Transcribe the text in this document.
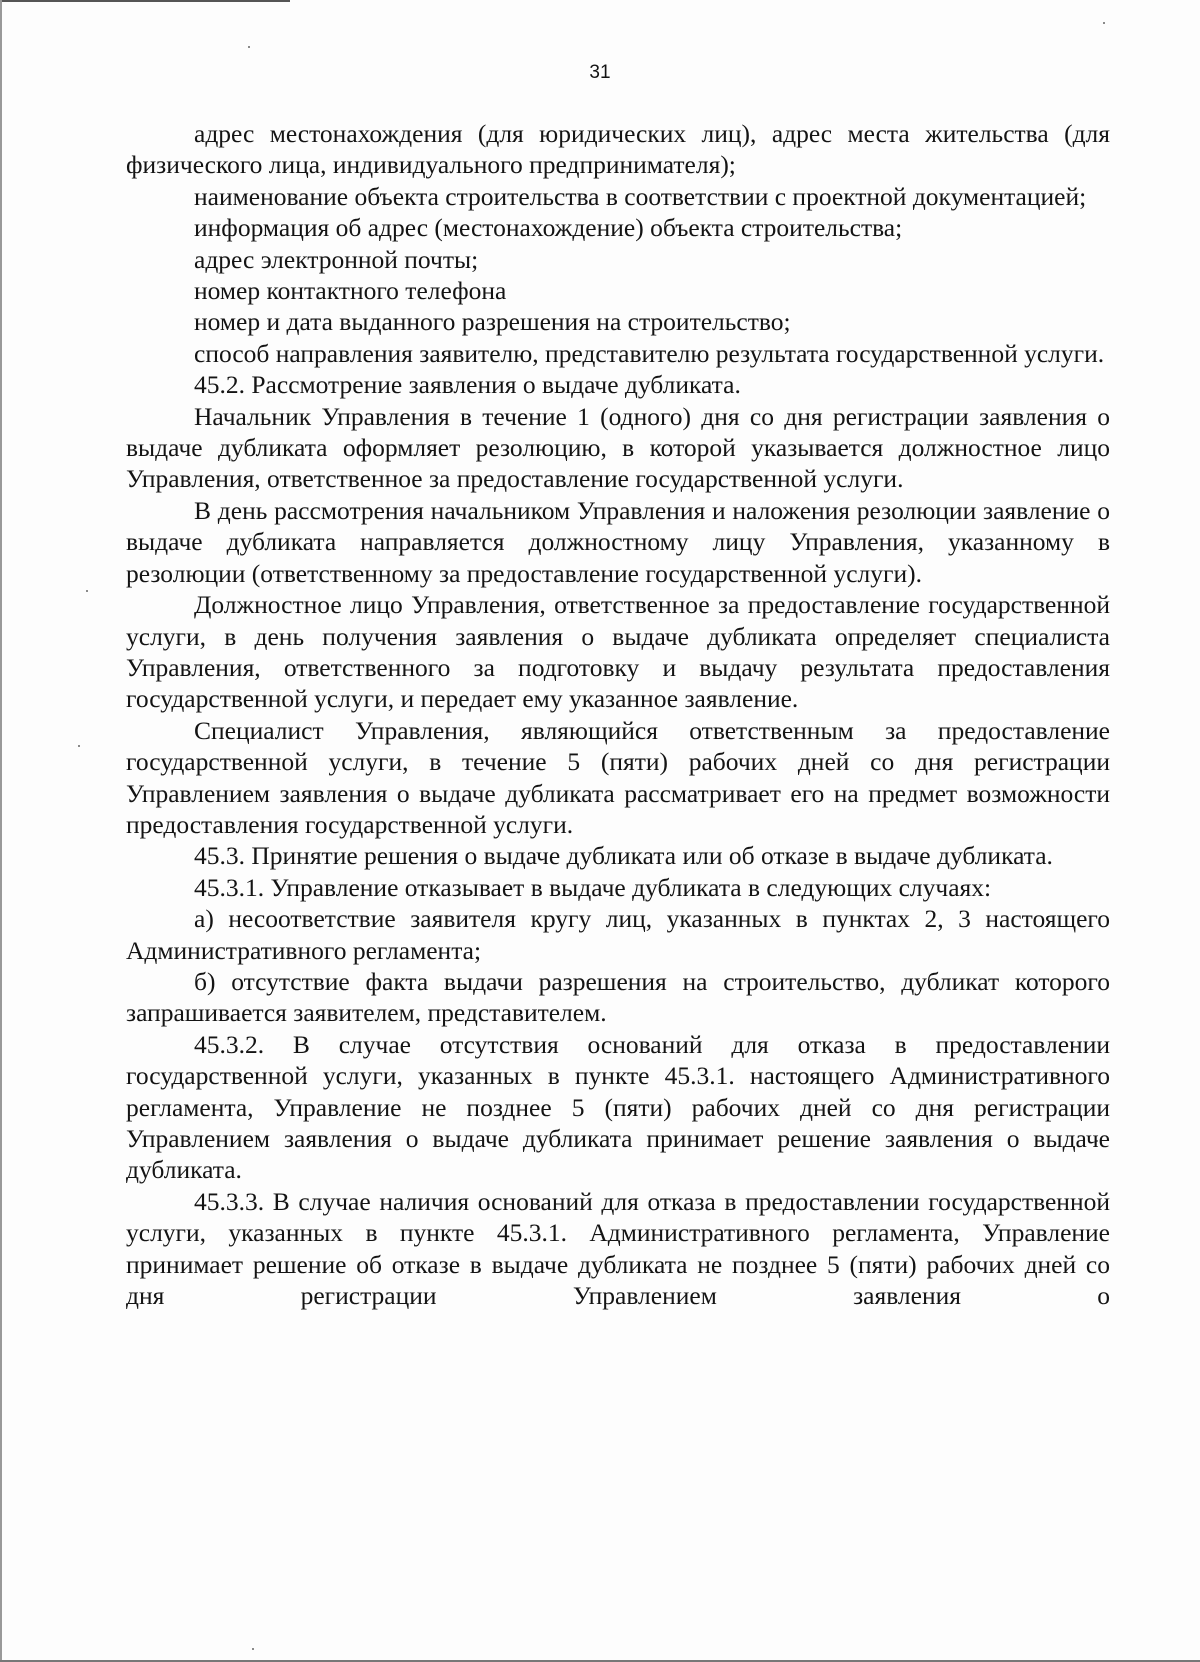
31

адрес местонахождения (для юридических лиц), адрес места жительства (для физического лица, индивидуального предпринимателя);

наименование объекта строительства в соответствии с проектной документацией;

информация об адрес (местонахождение) объекта строительства;

адрес электронной почты;

номер контактного телефона

номер и дата выданного разрешения на строительство;

способ направления заявителю, представителю результата государственной услуги.

45.2. Рассмотрение заявления о выдаче дубликата.

Начальник Управления в течение 1 (одного) дня со дня регистрации заявления о выдаче дубликата оформляет резолюцию, в которой указывается должностное лицо Управления, ответственное за предоставление государственной услуги.

В день рассмотрения начальником Управления и наложения резолюции заявление о выдаче дубликата направляется должностному лицу Управления, указанному в резолюции (ответственному за предоставление государственной услуги).

Должностное лицо Управления, ответственное за предоставление государственной услуги, в день получения заявления о выдаче дубликата определяет специалиста Управления, ответственного за подготовку и выдачу результата предоставления государственной услуги, и передает ему указанное заявление.

Специалист Управления, являющийся ответственным за предоставление государственной услуги, в течение 5 (пяти) рабочих дней со дня регистрации Управлением заявления о выдаче дубликата рассматривает его на предмет возможности предоставления государственной услуги.

45.3. Принятие решения о выдаче дубликата или об отказе в выдаче дубликата.

45.3.1. Управление отказывает в выдаче дубликата в следующих случаях:

а) несоответствие заявителя кругу лиц, указанных в пунктах 2, 3 настоящего Административного регламента;

б) отсутствие факта выдачи разрешения на строительство, дубликат которого запрашивается заявителем, представителем.

45.3.2. В случае отсутствия оснований для отказа в предоставлении государственной услуги, указанных в пункте 45.3.1. настоящего Административного регламента, Управление не позднее 5 (пяти) рабочих дней со дня регистрации Управлением заявления о выдаче дубликата принимает решение заявления о выдаче дубликата.

45.3.3. В случае наличия оснований для отказа в предоставлении государственной услуги, указанных в пункте 45.3.1. Административного регламента, Управление принимает решение об отказе в выдаче дубликата не позднее 5 (пяти) рабочих дней со дня регистрации Управлением заявления о
